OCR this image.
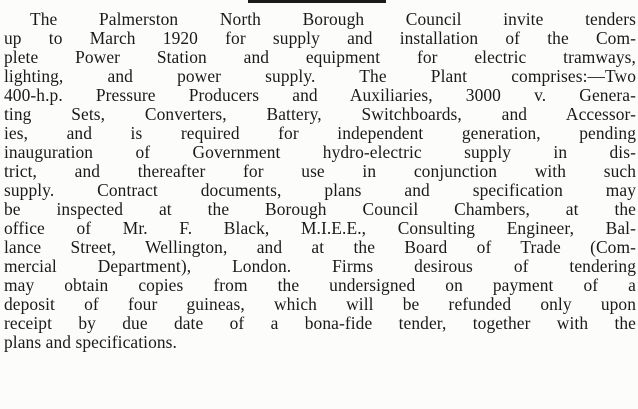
The Palmerston North Borough Council invite tenders
up to March 1920 for supply and installation of the Com-
plete Power Station and equipment for electric tramways,
lighting, and power supply. The Plant comprises:—Two
400-h.p. Pressure Producers and Auxiliaries, 3000 v. Genera-
ting Sets, Converters, Battery, Switchboards, and Accessor-
ies, and is required for independent generation, pending
inauguration of Government hydro-electric supply in dis-
trict, and thereafter for use in conjunction with such
supply. Contract documents, plans and specification may
be inspected at the Borough Council Chambers, at the
office of Mr. F. Black, M.I.E.E., Consulting Engineer, Bal-
lance Street, Wellington, and at the Board of Trade (Com-
mercial Department), London. Firms desirous of tendering
may obtain copies from the undersigned on payment of a
deposit of four guineas, which will be refunded only upon
receipt by due date of a bona-fide tender, together with the
plans and specifications.
